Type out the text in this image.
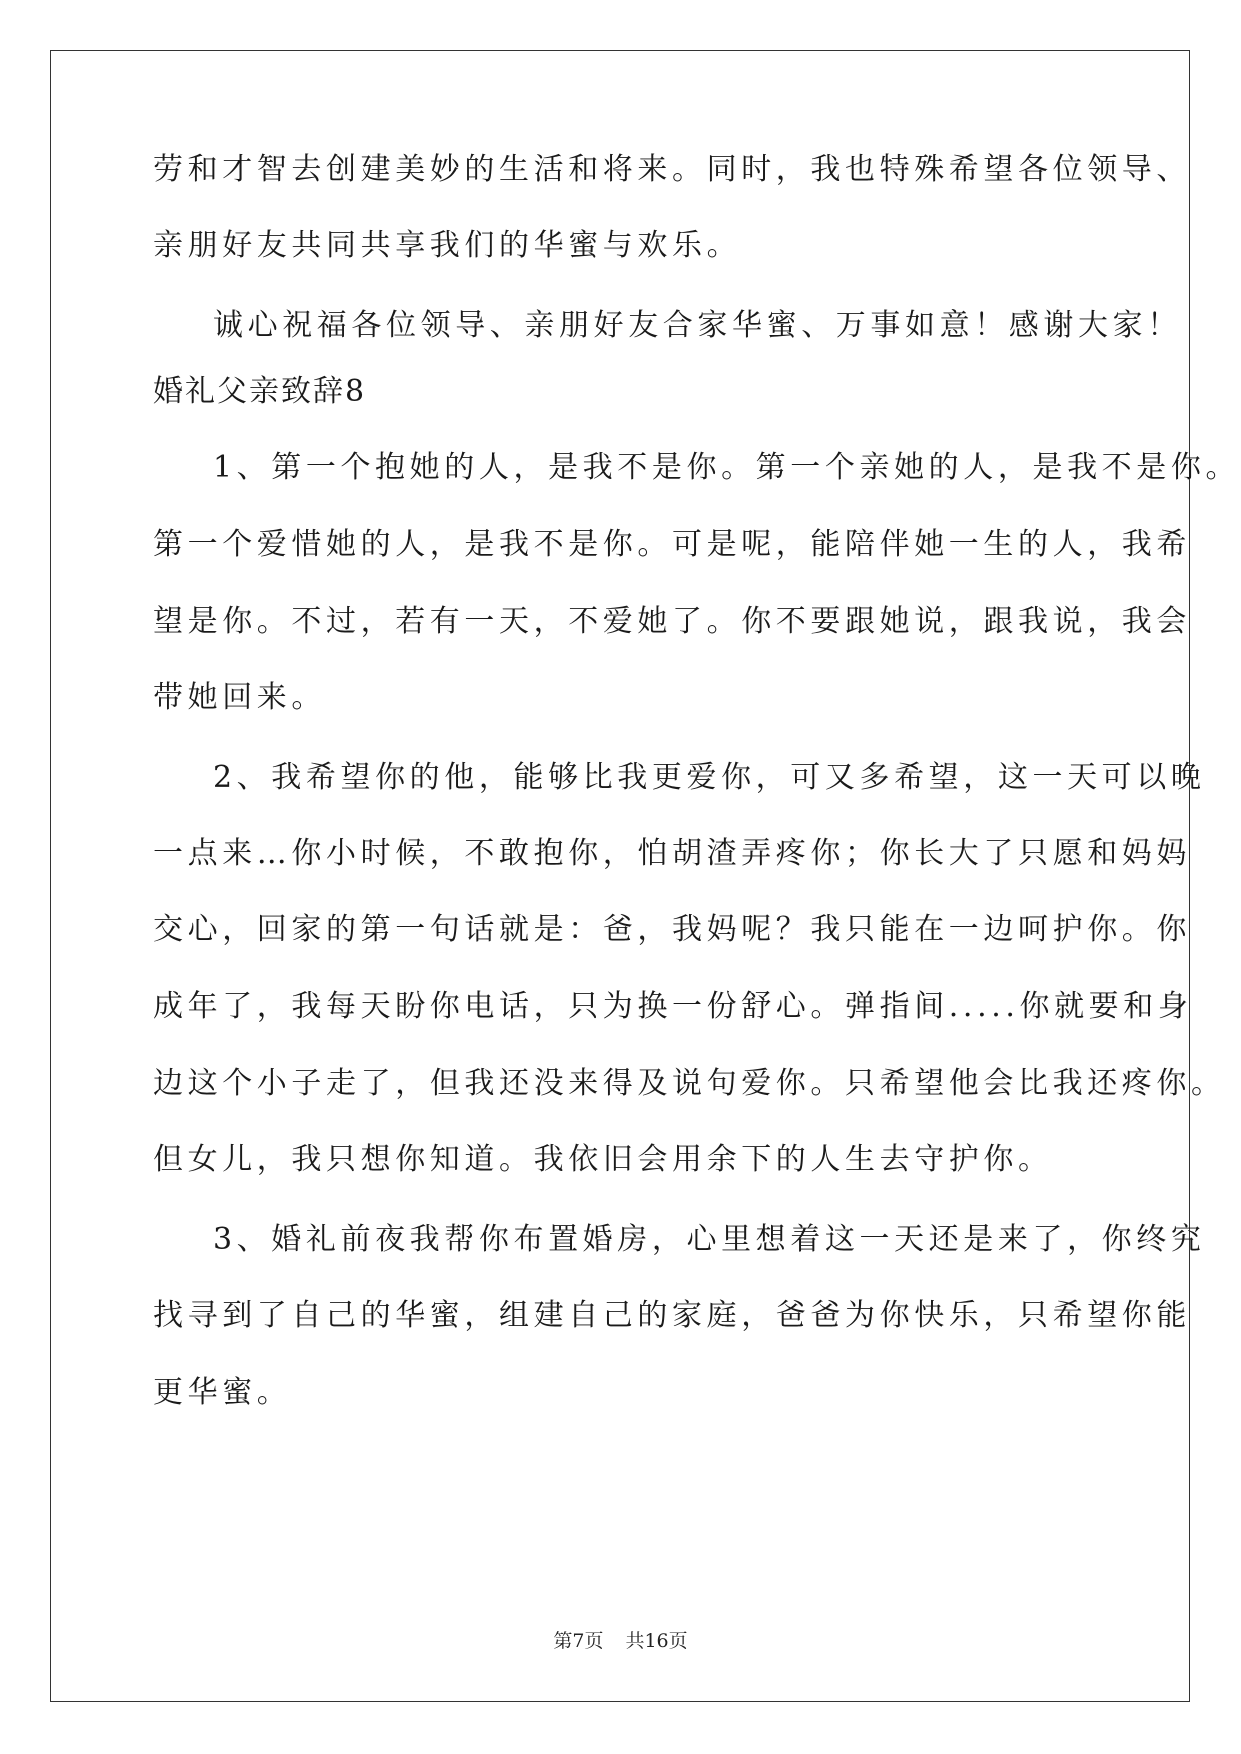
劳和才智去创建美妙的生活和将来。同时，我也特殊希望各位领导、
亲朋好友共同共享我们的华蜜与欢乐。
诚心祝福各位领导、亲朋好友合家华蜜、万事如意！感谢大家！
婚礼父亲致辞8
1、第一个抱她的人，是我不是你。第一个亲她的人，是我不是你。
第一个爱惜她的人，是我不是你。可是呢，能陪伴她一生的人，我希
望是你。不过，若有一天，不爱她了。你不要跟她说，跟我说，我会
带她回来。
2、我希望你的他，能够比我更爱你，可又多希望，这一天可以晚
一点来…你小时候，不敢抱你，怕胡渣弄疼你；你长大了只愿和妈妈
交心，回家的第一句话就是：爸，我妈呢？我只能在一边呵护你。你
成年了，我每天盼你电话，只为换一份舒心。弹指间.....你就要和身
边这个小子走了，但我还没来得及说句爱你。只希望他会比我还疼你。
但女儿，我只想你知道。我依旧会用余下的人生去守护你。
3、婚礼前夜我帮你布置婚房，心里想着这一天还是来了，你终究
找寻到了自己的华蜜，组建自己的家庭，爸爸为你快乐，只希望你能
更华蜜。
第7页 共16页
